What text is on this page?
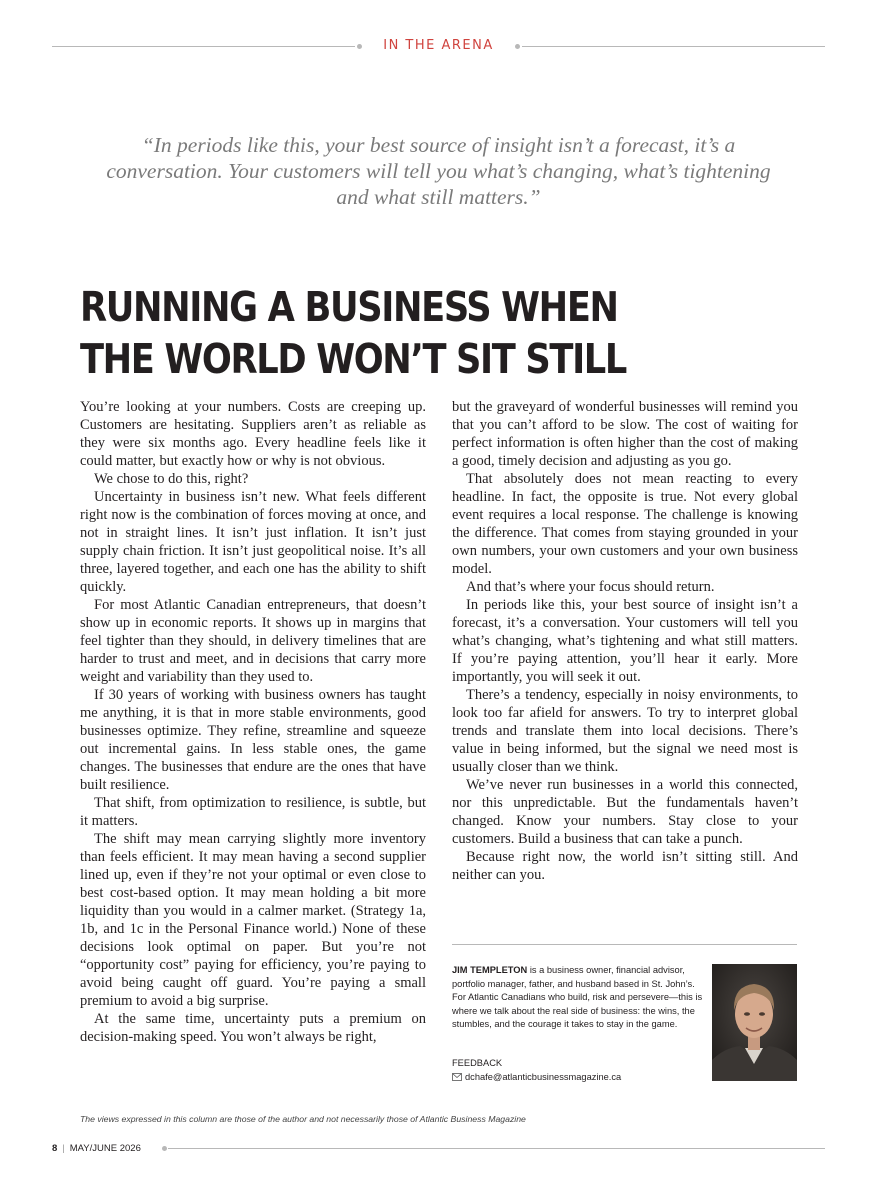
IN THE ARENA
“In periods like this, your best source of insight isn’t a forecast, it’s a conversation. Your customers will tell you what’s changing, what’s tightening and what still matters.”
RUNNING A BUSINESS WHEN
THE WORLD WON’T SIT STILL

You’re looking at your numbers. Costs are creeping up. Customers are hesitating. Suppliers aren’t as reliable as they were six months ago. Every headline feels like it could matter, but exactly how or why is not obvious.

We chose to do this, right?

Uncertainty in business isn’t new. What feels different right now is the combination of forces moving at once, and not in straight lines. It isn’t just inflation. It isn’t just supply chain friction. It isn’t just geopolitical noise. It’s all three, layered together, and each one has the ability to shift quickly.

For most Atlantic Canadian entrepreneurs, that doesn’t show up in economic reports. It shows up in margins that feel tighter than they should, in delivery timelines that are harder to trust and meet, and in decisions that carry more weight and variability than they used to.

If 30 years of working with business owners has taught me anything, it is that in more stable environments, good businesses optimize. They refine, streamline and squeeze out incremental gains. In less stable ones, the game changes. The businesses that endure are the ones that have built resilience.

That shift, from optimization to resilience, is subtle, but it matters.

The shift may mean carrying slightly more inventory than feels efficient. It may mean having a second supplier lined up, even if they’re not your optimal or even close to best cost-based option. It may mean holding a bit more liquidity than you would in a calmer market. (Strategy 1a, 1b, and 1c in the Personal Finance world.) None of these decisions look optimal on paper. But you’re not “opportunity cost” paying for efficiency, you’re paying to avoid being caught off guard. You’re paying a small premium to avoid a big surprise.

At the same time, uncertainty puts a premium on decision-making speed. You won’t always be right,

but the graveyard of wonderful businesses will remind you that you can’t afford to be slow. The cost of waiting for perfect information is often higher than the cost of making a good, timely decision and adjusting as you go.

That absolutely does not mean reacting to every headline. In fact, the opposite is true. Not every global event requires a local response. The challenge is knowing the difference. That comes from staying grounded in your own numbers, your own customers and your own business model.

And that’s where your focus should return.

In periods like this, your best source of insight isn’t a forecast, it’s a conversation. Your customers will tell you what’s changing, what’s tightening and what still matters. If you’re paying attention, you’ll hear it early. More importantly, you will seek it out.

There’s a tendency, especially in noisy environments, to look too far afield for answers. To try to interpret global trends and translate them into local decisions. There’s value in being informed, but the signal we need most is usually closer than we think.

We’ve never run businesses in a world this connected, nor this unpredictable. But the fundamentals haven’t changed. Know your numbers. Stay close to your customers. Build a business that can take a punch.

Because right now, the world isn’t sitting still. And neither can you.

JIM TEMPLETON is a business owner, financial advisor, portfolio manager, father, and husband based in St. John’s. For Atlantic Canadians who build, risk and persevere—this is where we talk about the real side of business: the wins, the stumbles, and the courage it takes to stay in the game.
FEEDBACK
dchafe@atlanticbusinessmagazine.ca
The views expressed in this column are those of the author and not necessarily those of Atlantic Business Magazine
8 | MAY/JUNE 2026
